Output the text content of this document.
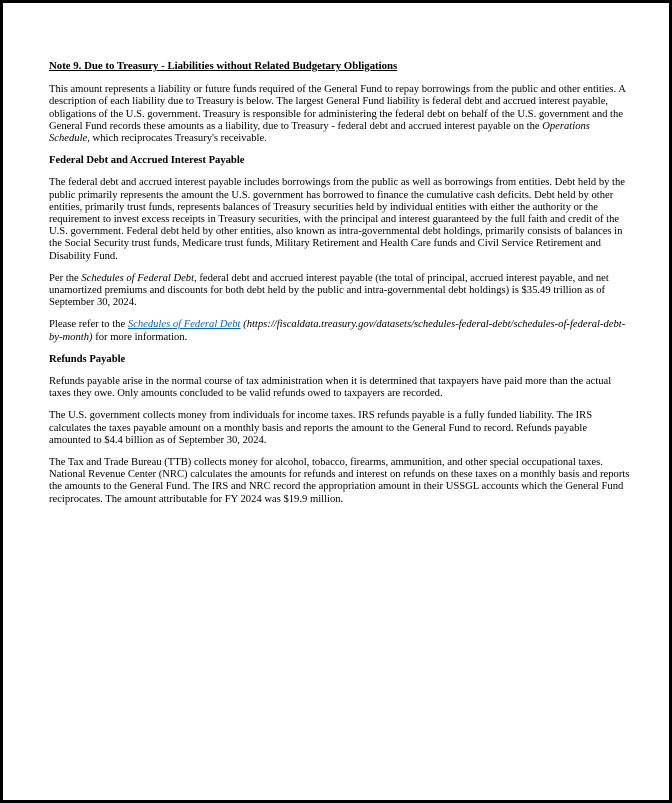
Note 9. Due to Treasury - Liabilities without Related Budgetary Obligations

This amount represents a liability or future funds required of the General Fund to repay borrowings from the public and other entities. A description of each liability due to Treasury is below. The largest General Fund liability is federal debt and accrued interest payable, obligations of the U.S. government. Treasury is responsible for administering the federal debt on behalf of the U.S. government and the General Fund records these amounts as a liability, due to Treasury - federal debt and accrued interest payable on the Operations Schedule, which reciprocates Treasury's receivable.

Federal Debt and Accrued Interest Payable

The federal debt and accrued interest payable includes borrowings from the public as well as borrowings from entities. Debt held by the public primarily represents the amount the U.S. government has borrowed to finance the cumulative cash deficits. Debt held by other entities, primarily trust funds, represents balances of Treasury securities held by individual entities with either the authority or the requirement to invest excess receipts in Treasury securities, with the principal and interest guaranteed by the full faith and credit of the U.S. government. Federal debt held by other entities, also known as intra-governmental debt holdings, primarily consists of balances in the Social Security trust funds, Medicare trust funds, Military Retirement and Health Care funds and Civil Service Retirement and Disability Fund.

Per the Schedules of Federal Debt, federal debt and accrued interest payable (the total of principal, accrued interest payable, and net unamortized premiums and discounts for both debt held by the public and intra-governmental debt holdings) is $35.49 trillion as of September 30, 2024.

Please refer to the Schedules of Federal Debt (https://fiscaldata.treasury.gov/datasets/schedules-federal-debt/schedules-of-federal-debt-by-month) for more information.

Refunds Payable

Refunds payable arise in the normal course of tax administration when it is determined that taxpayers have paid more than the actual taxes they owe. Only amounts concluded to be valid refunds owed to taxpayers are recorded.

The U.S. government collects money from individuals for income taxes. IRS refunds payable is a fully funded liability. The IRS calculates the taxes payable amount on a monthly basis and reports the amount to the General Fund to record. Refunds payable amounted to $4.4 billion as of September 30, 2024.

The Tax and Trade Bureau (TTB) collects money for alcohol, tobacco, firearms, ammunition, and other special occupational taxes. National Revenue Center (NRC) calculates the amounts for refunds and interest on refunds on these taxes on a monthly basis and reports the amounts to the General Fund. The IRS and NRC record the appropriation amount in their USSGL accounts which the General Fund reciprocates. The amount attributable for FY 2024 was $19.9 million.
